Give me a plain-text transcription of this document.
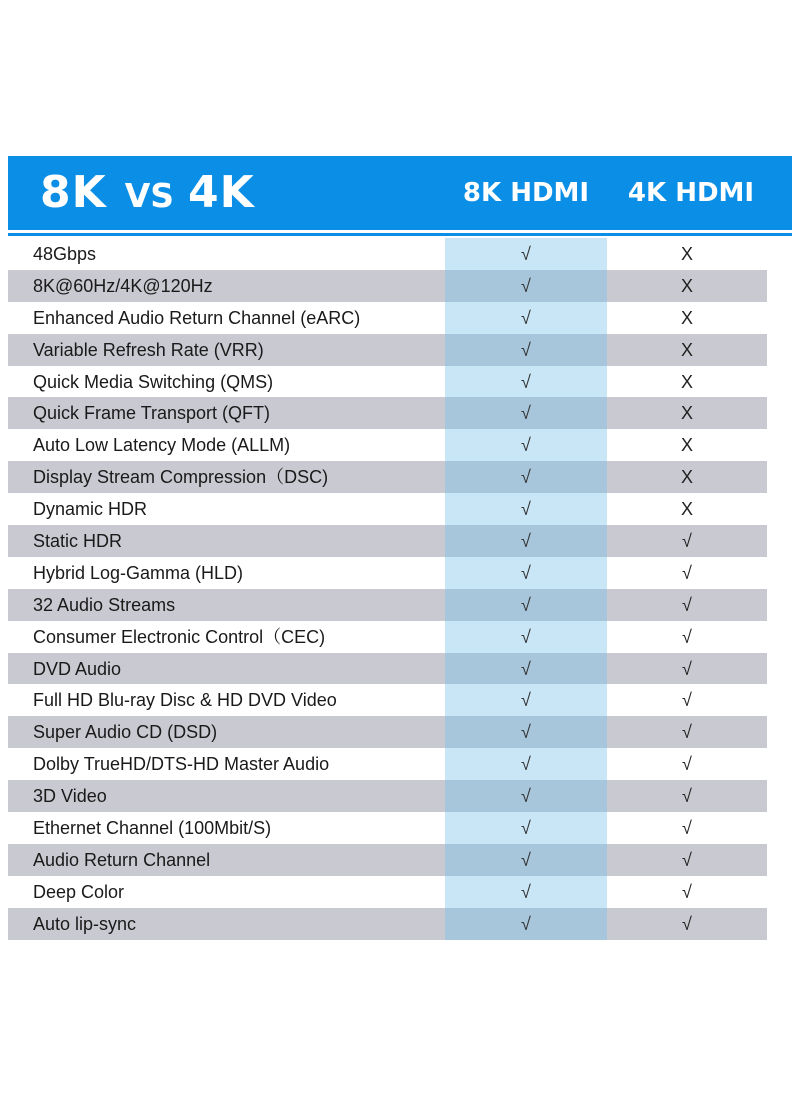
8K VS 4K	8K HDMI	4K HDMI
48Gbps	√	X
8K@60Hz/4K@120Hz	√	X
Enhanced Audio Return Channel (eARC)	√	X
Variable Refresh Rate (VRR)	√	X
Quick Media Switching (QMS)	√	X
Quick Frame Transport (QFT)	√	X
Auto Low Latency Mode (ALLM)	√	X
Display Stream Compression（DSC)	√	X
Dynamic HDR	√	X
Static HDR	√	√
Hybrid Log-Gamma (HLD)	√	√
32 Audio Streams	√	√
Consumer Electronic Control（CEC)	√	√
DVD Audio	√	√
Full HD Blu-ray Disc & HD DVD Video	√	√
Super Audio CD (DSD)	√	√
Dolby TrueHD/DTS-HD Master Audio	√	√
3D Video	√	√
Ethernet Channel (100Mbit/S)	√	√
Audio Return Channel	√	√
Deep Color	√	√
Auto lip-sync	√	√
